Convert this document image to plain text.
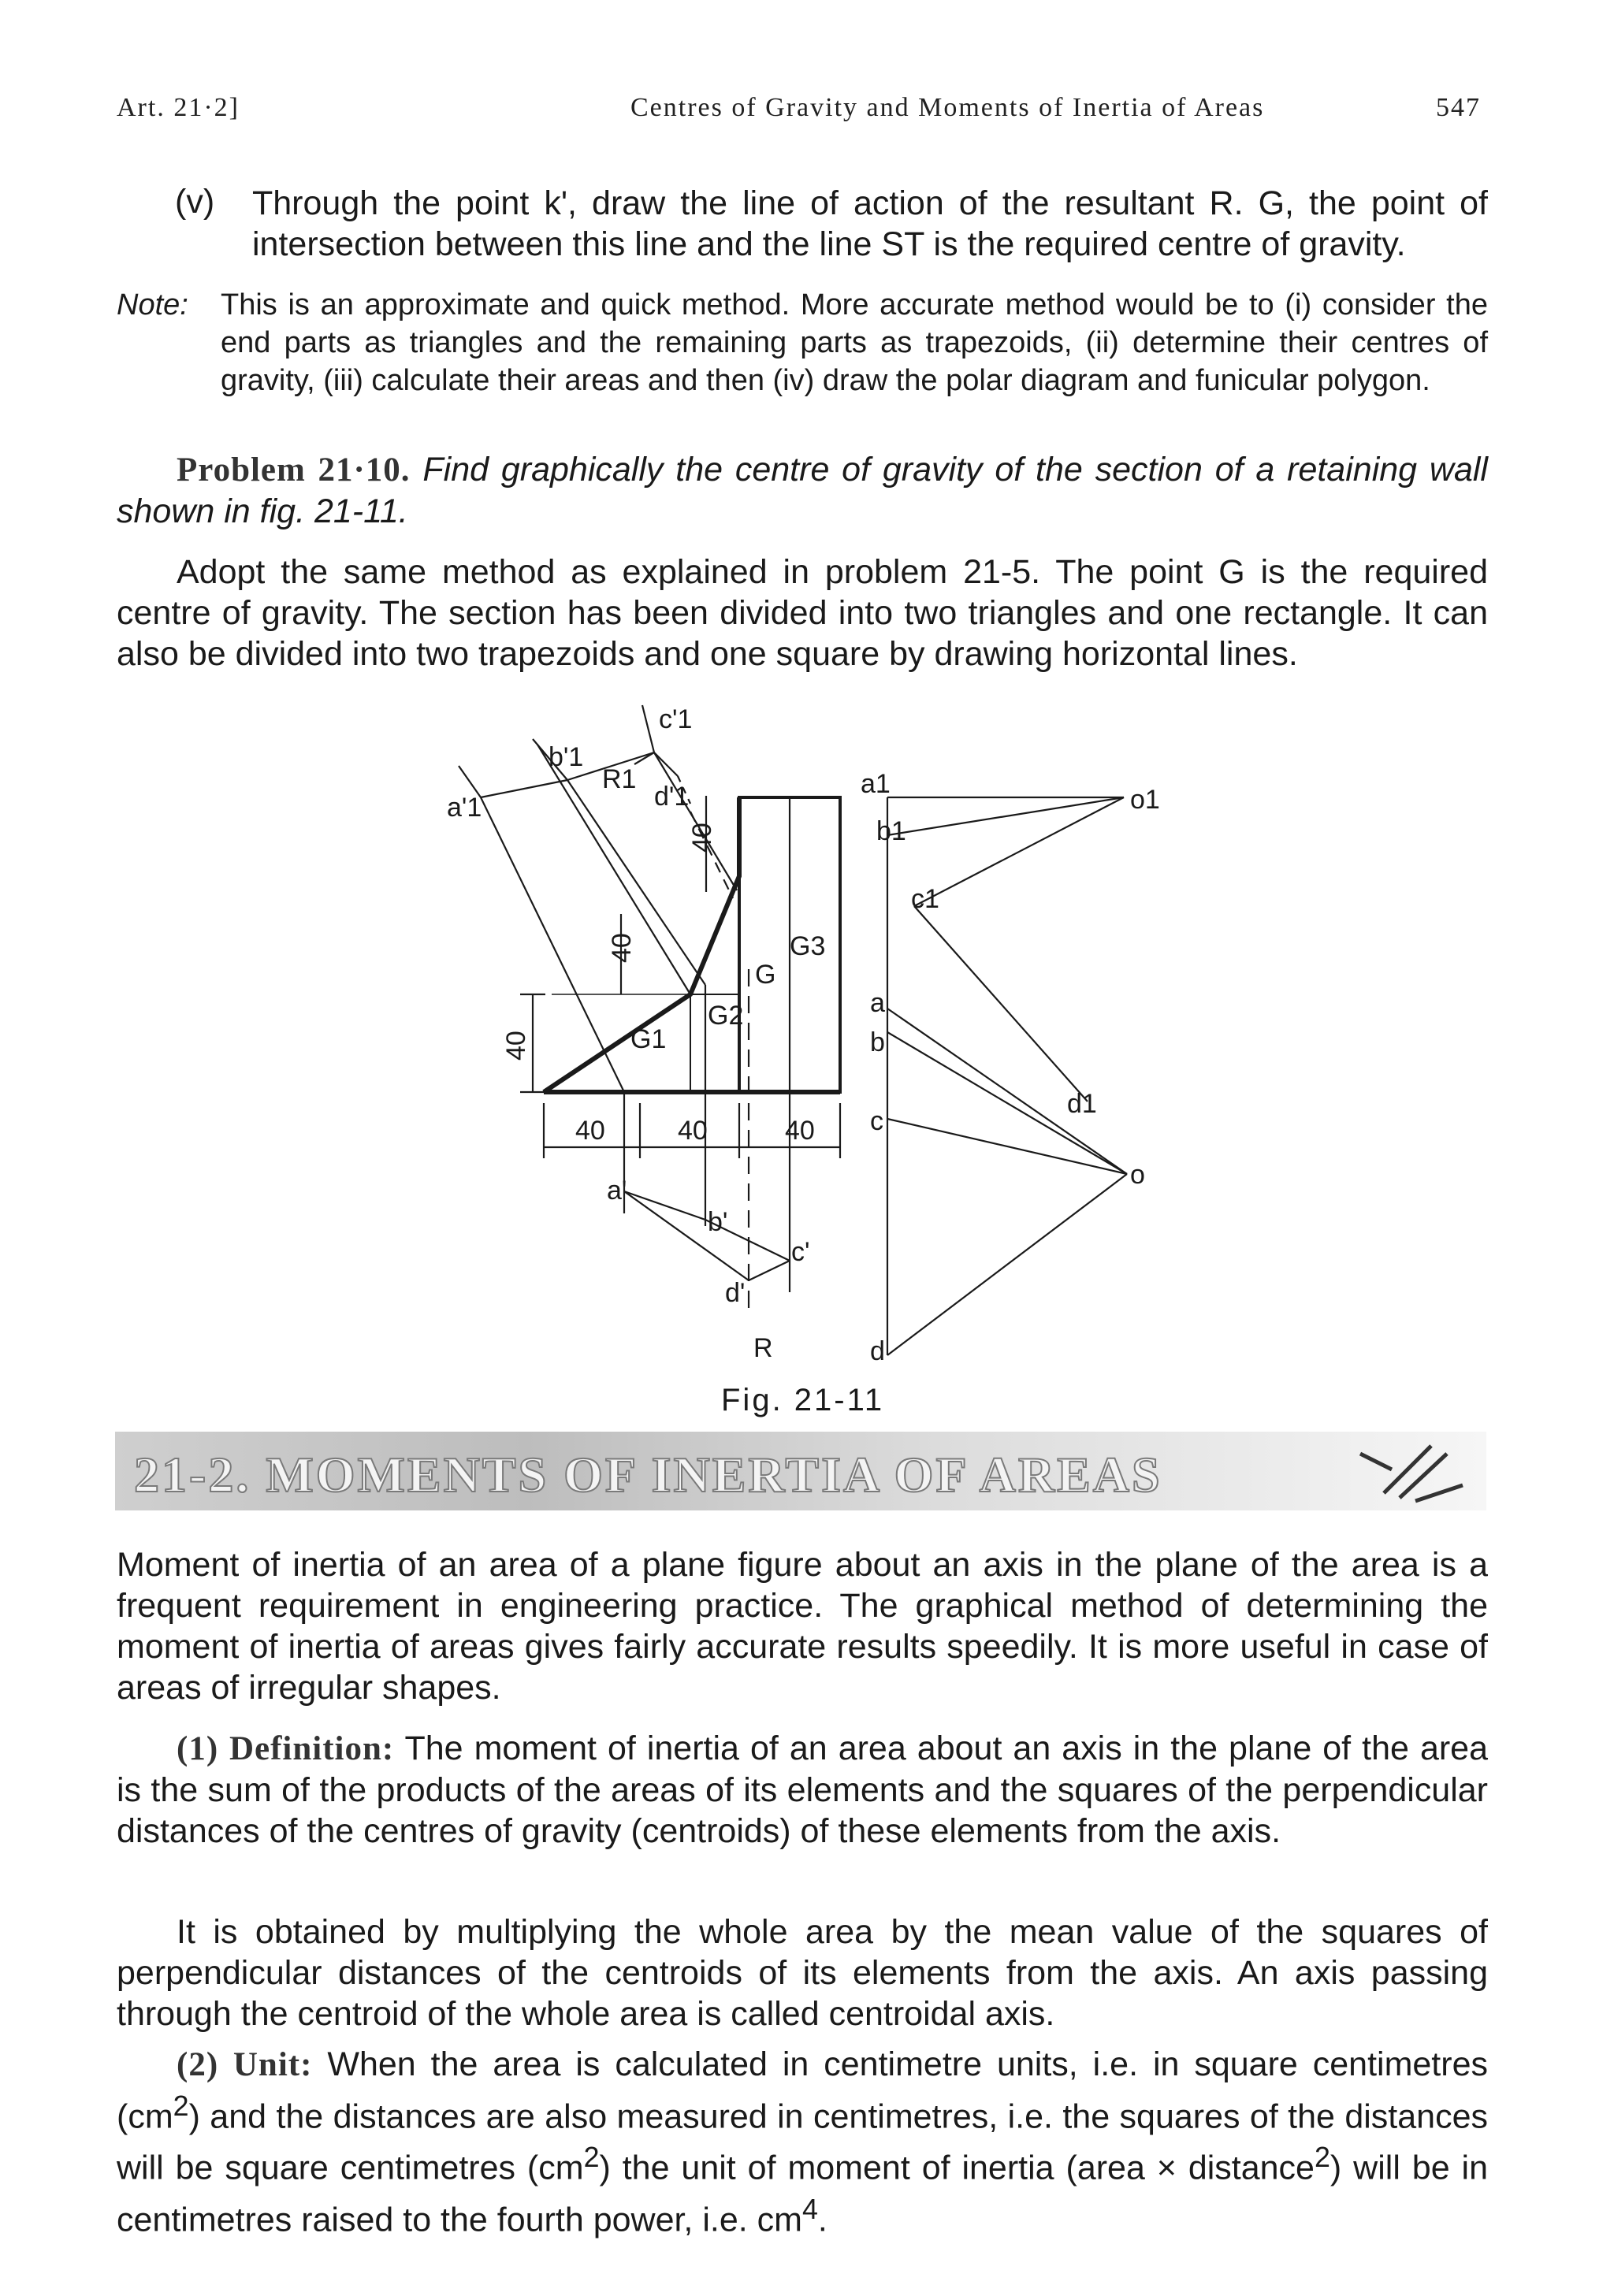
Art. 21·2]	Centres of Gravity and Moments of Inertia of Areas	547
(v) Through the point k', draw the line of action of the resultant R. G, the point of intersection between this line and the line ST is the required centre of gravity.

Note: This is an approximate and quick method. More accurate method would be to (i) consider the end parts as triangles and the remaining parts as trapezoids, (ii) determine their centres of gravity, (iii) calculate their areas and then (iv) draw the polar diagram and funicular polygon.

Problem 21·10. Find graphically the centre of gravity of the section of a retaining wall shown in fig. 21-11.

Adopt the same method as explained in problem 21-5. The point G is the required centre of gravity. The section has been divided into two triangles and one rectangle. It can also be divided into two trapezoids and one square by drawing horizontal lines.

a'1
b'1
c'1
d'1
R1
40
40
40
40	40	40
G
G1
G2
G3
a'
b'
c'
d'
R
a1
b1
c1
d1
o1
a
b
c
d
o
Fig. 21-11
21-2. MOMENTS OF INERTIA OF AREAS

Moment of inertia of an area of a plane figure about an axis in the plane of the area is a frequent requirement in engineering practice. The graphical method of determining the moment of inertia of areas gives fairly accurate results speedily. It is more useful in case of areas of irregular shapes.

(1) Definition: The moment of inertia of an area about an axis in the plane of the area is the sum of the products of the areas of its elements and the squares of the perpendicular distances of the centres of gravity (centroids) of these elements from the axis.

It is obtained by multiplying the whole area by the mean value of the squares of perpendicular distances of the centroids of its elements from the axis. An axis passing through the centroid of the whole area is called centroidal axis.

(2) Unit: When the area is calculated in centimetre units, i.e. in square centimetres $(cm^2)$ and the distances are also measured in centimetres, i.e. the squares of the distances will be square centimetres $(cm^2)$ the unit of moment of inertia (area × distance$^2$) will be in centimetres raised to the fourth power, i.e. $cm^4$.
